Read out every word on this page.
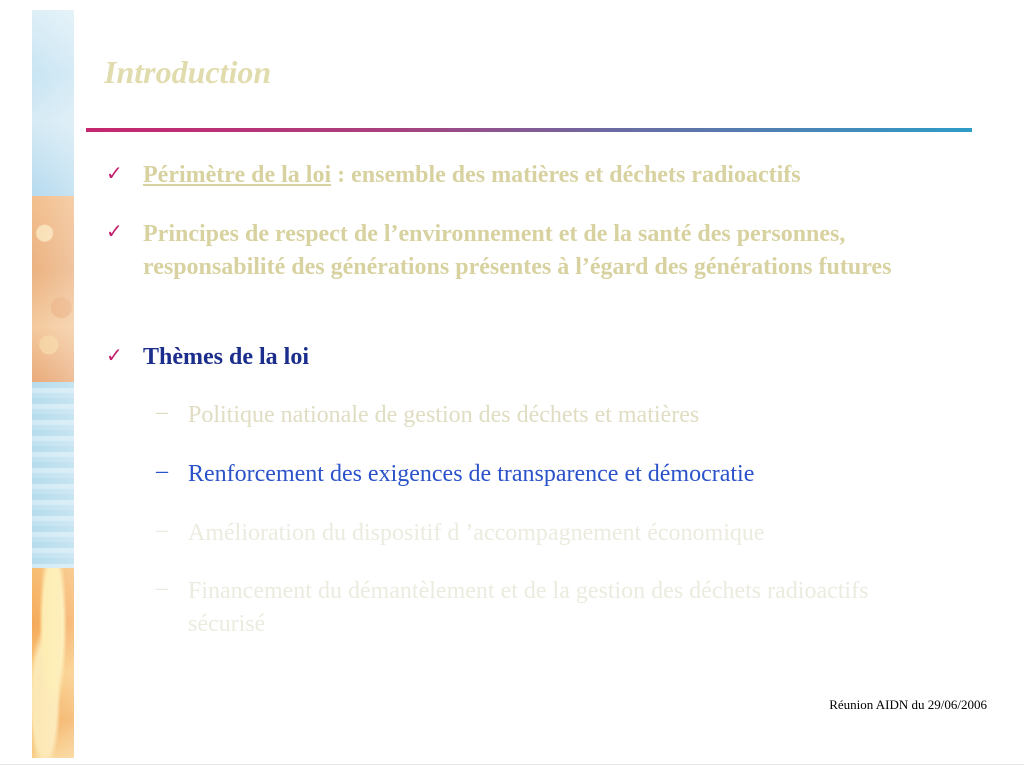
Introduction
✓ Périmètre de la loi : ensemble des matières et déchets radioactifs
✓ Principes de respect de l’environnement et de la santé des personnes, responsabilité des générations présentes à l’égard des générations futures
✓ Thèmes de la loi
– Politique nationale de gestion des déchets et matières
– Renforcement des exigences de transparence et démocratie
– Amélioration du dispositif d ’accompagnement économique
– Financement du démantèlement et de la gestion des déchets radioactifs sécurisé
Réunion AIDN du 29/06/2006
